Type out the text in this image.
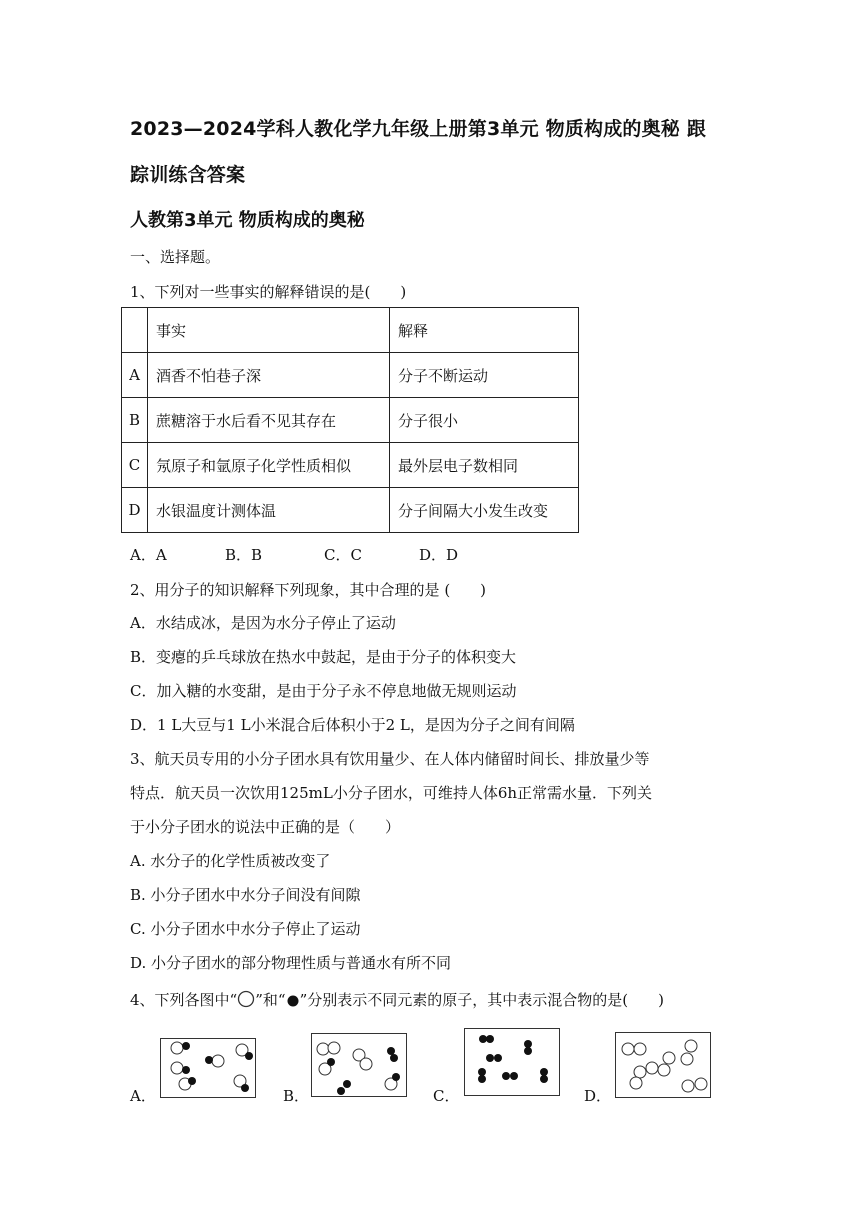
2023—2024学科人教化学九年级上册第3单元 物质构成的奥秘 跟
踪训练含答案
人教第3单元 物质构成的奥秘
一、选择题。
1、下列对一些事实的解释错误的是(　　)
	事实	解释
A	酒香不怕巷子深	分子不断运动
B	蔗糖溶于水后看不见其存在	分子很小
C	氖原子和氩原子化学性质相似	最外层电子数相同
D	水银温度计测体温	分子间隔大小发生改变
A．A	B．B	C．C	D．D
2、用分子的知识解释下列现象，其中合理的是 (　　)
A．水结成冰，是因为水分子停止了运动
B．变瘪的乒乓球放在热水中鼓起，是由于分子的体积变大
C．加入糖的水变甜，是由于分子永不停息地做无规则运动
D．1 L大豆与1 L小米混合后体积小于2 L，是因为分子之间有间隔
3、航天员专用的小分子团水具有饮用量少、在人体内储留时间长、排放量少等
特点．航天员一次饮用125mL小分子团水，可维持人体6h正常需水量．下列关
于小分子团水的说法中正确的是（　　）
A. 水分子的化学性质被改变了
B. 小分子团水中水分子间没有间隙
C. 小分子团水中水分子停止了运动
D. 小分子团水的部分物理性质与普通水有所不同
4、下列各图中“ ”和“ ”分别表示不同元素的原子，其中表示混合物的是(　　)
A．	B．	C．	D．
